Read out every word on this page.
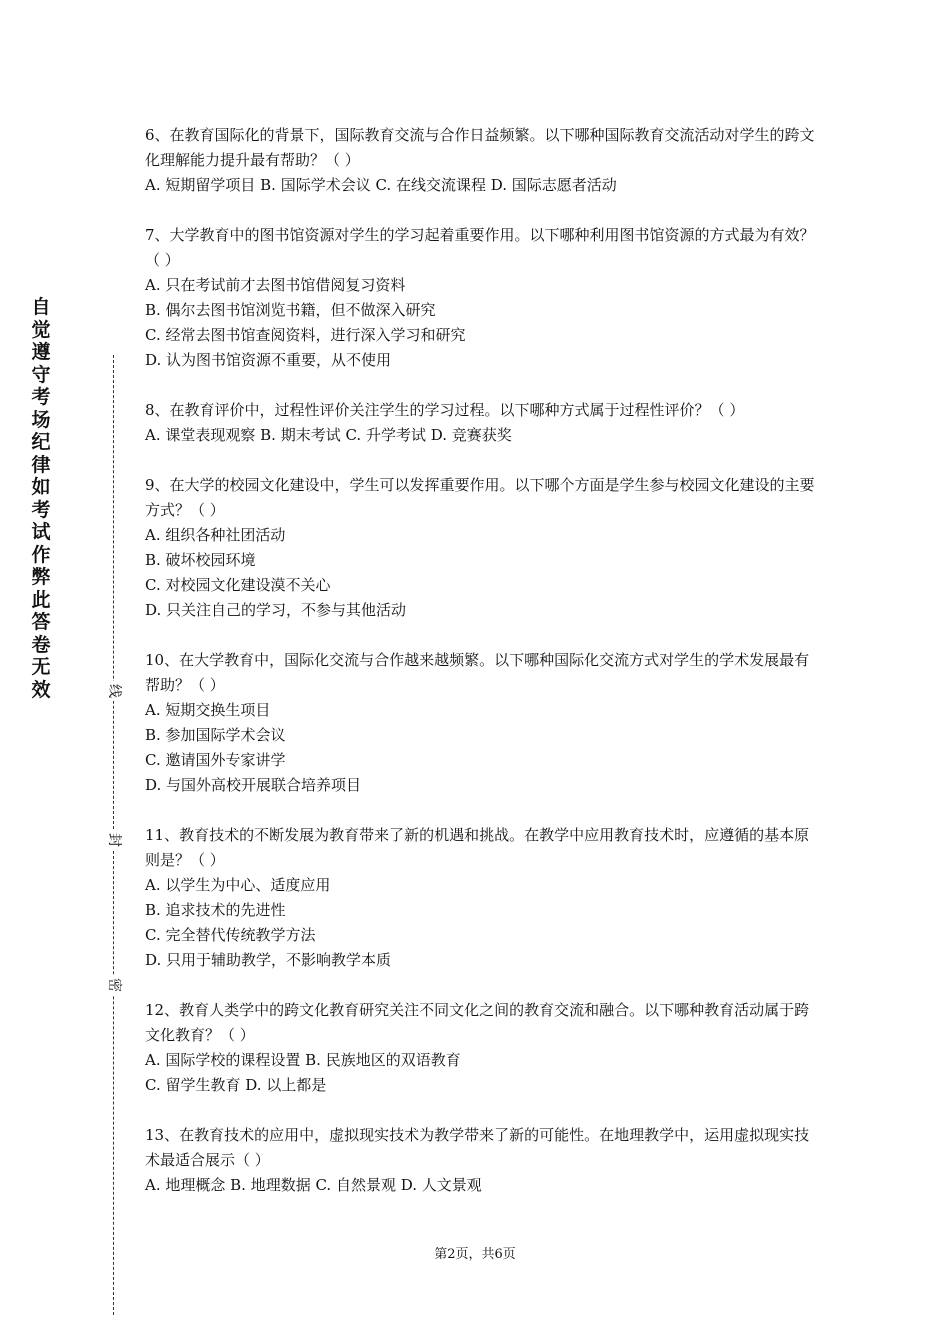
自觉遵守考场纪律如考试作弊此答卷无效	线
封
密

6、在教育国际化的背景下，国际教育交流与合作日益频繁。以下哪种国际教育交流活动对学生的跨文化理解能力提升最有帮助？（ ）

A. 短期留学项目 B. 国际学术会议 C. 在线交流课程 D. 国际志愿者活动

7、大学教育中的图书馆资源对学生的学习起着重要作用。以下哪种利用图书馆资源的方式最为有效？（ ）

A. 只在考试前才去图书馆借阅复习资料

B. 偶尔去图书馆浏览书籍，但不做深入研究

C. 经常去图书馆查阅资料，进行深入学习和研究

D. 认为图书馆资源不重要，从不使用

8、在教育评价中，过程性评价关注学生的学习过程。以下哪种方式属于过程性评价？（ ）

A. 课堂表现观察 B. 期末考试 C. 升学考试 D. 竞赛获奖

9、在大学的校园文化建设中，学生可以发挥重要作用。以下哪个方面是学生参与校园文化建设的主要方式？（ ）

A. 组织各种社团活动

B. 破坏校园环境

C. 对校园文化建设漠不关心

D. 只关注自己的学习，不参与其他活动

10、在大学教育中，国际化交流与合作越来越频繁。以下哪种国际化交流方式对学生的学术发展最有帮助？（ ）

A. 短期交换生项目

B. 参加国际学术会议

C. 邀请国外专家讲学

D. 与国外高校开展联合培养项目

11、教育技术的不断发展为教育带来了新的机遇和挑战。在教学中应用教育技术时，应遵循的基本原则是？（ ）

A. 以学生为中心、适度应用

B. 追求技术的先进性

C. 完全替代传统教学方法

D. 只用于辅助教学，不影响教学本质

12、教育人类学中的跨文化教育研究关注不同文化之间的教育交流和融合。以下哪种教育活动属于跨文化教育？（ ）

A. 国际学校的课程设置 B. 民族地区的双语教育

C. 留学生教育 D. 以上都是

13、在教育技术的应用中，虚拟现实技术为教学带来了新的可能性。在地理教学中，运用虚拟现实技术最适合展示（ ）

A. 地理概念 B. 地理数据 C. 自然景观 D. 人文景观

第2页，共6页
